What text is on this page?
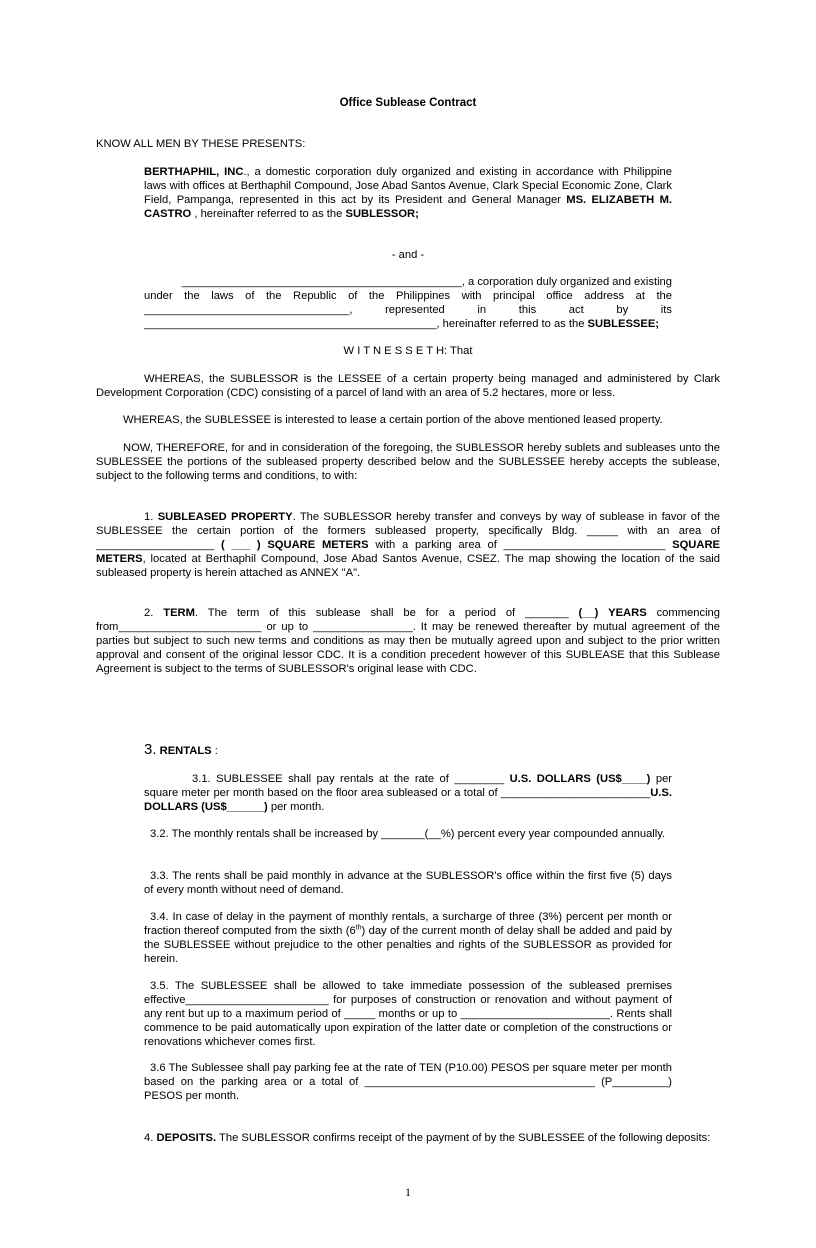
Office Sublease Contract

KNOW ALL MEN BY THESE PRESENTS:

BERTHAPHIL, INC., a domestic corporation duly organized and existing in accordance with Philippine laws with offices at Berthaphil Compound, Jose Abad Santos Avenue, Clark Special Economic Zone, Clark Field, Pampanga, represented in this act by its President and General Manager MS. ELIZABETH M. CASTRO , hereinafter referred to as the SUBLESSOR;

- and -

_____________________________________________, a corporation duly organized and existing

under the laws of the Republic of the Philippines with principal office address at the

_________________________________, represented in this act by its

_______________________________________________, hereinafter referred to as the SUBLESSEE;

W I T N E S S E T H: That

WHEREAS, the SUBLESSOR is the LESSEE of a certain property being managed and administered by Clark Development Corporation (CDC) consisting of a parcel of land with an area of 5.2 hectares, more or less.

WHEREAS, the SUBLESSEE is interested to lease a certain portion of the above mentioned leased property.

NOW, THEREFORE, for and in consideration of the foregoing, the SUBLESSOR hereby sublets and subleases unto the SUBLESSEE the portions of the subleased property described below and the SUBLESSEE hereby accepts the sublease, subject to the following terms and conditions, to with:

1. SUBLEASED PROPERTY. The SUBLESSOR hereby transfer and conveys by way of sublease in favor of the SUBLESSEE the certain portion of the formers subleased property, specifically Bldg. _____ with an area of ___________________ ( ___ ) SQUARE METERS with a parking area of __________________________ SQUARE METERS, located at Berthaphil Compound, Jose Abad Santos Avenue, CSEZ. The map showing the location of the said subleased property is herein attached as ANNEX "A".

2. TERM. The term of this sublease shall be for a period of _______ (__) YEARS commencing from_______________________ or up to ________________. It may be renewed thereafter by mutual agreement of the parties but subject to such new terms and conditions as may then be mutually agreed upon and subject to the prior written approval and consent of the original lessor CDC. It is a condition precedent however of this SUBLEASE that this Sublease Agreement is subject to the terms of SUBLESSOR's original lease with CDC.

3. RENTALS :

3.1. SUBLESSEE shall pay rentals at the rate of ________ U.S. DOLLARS (US$____) per square meter per month based on the floor area subleased or a total of ________________________U.S. DOLLARS (US$______) per month.

3.2. The monthly rentals shall be increased by _______(__%) percent every year compounded annually.

3.3. The rents shall be paid monthly in advance at the SUBLESSOR's office within the first five (5) days of every month without need of demand.

3.4. In case of delay in the payment of monthly rentals, a surcharge of three (3%) percent per month or fraction thereof computed from the sixth (6th) day of the current month of delay shall be added and paid by the SUBLESSEE without prejudice to the other penalties and rights of the SUBLESSOR as provided for herein.

3.5. The SUBLESSEE shall be allowed to take immediate possession of the subleased premises effective_______________________ for purposes of construction or renovation and without payment of any rent but up to a maximum period of _____ months or up to ________________________. Rents shall commence to be paid automatically upon expiration of the latter date or completion of the constructions or renovations whichever comes first.

3.6 The Sublessee shall pay parking fee at the rate of TEN (P10.00) PESOS per square meter per month based on the parking area or a total of _____________________________________ (P_________) PESOS per month.

4. DEPOSITS. The SUBLESSOR confirms receipt of the payment of by the SUBLESSEE of the following deposits:

1
